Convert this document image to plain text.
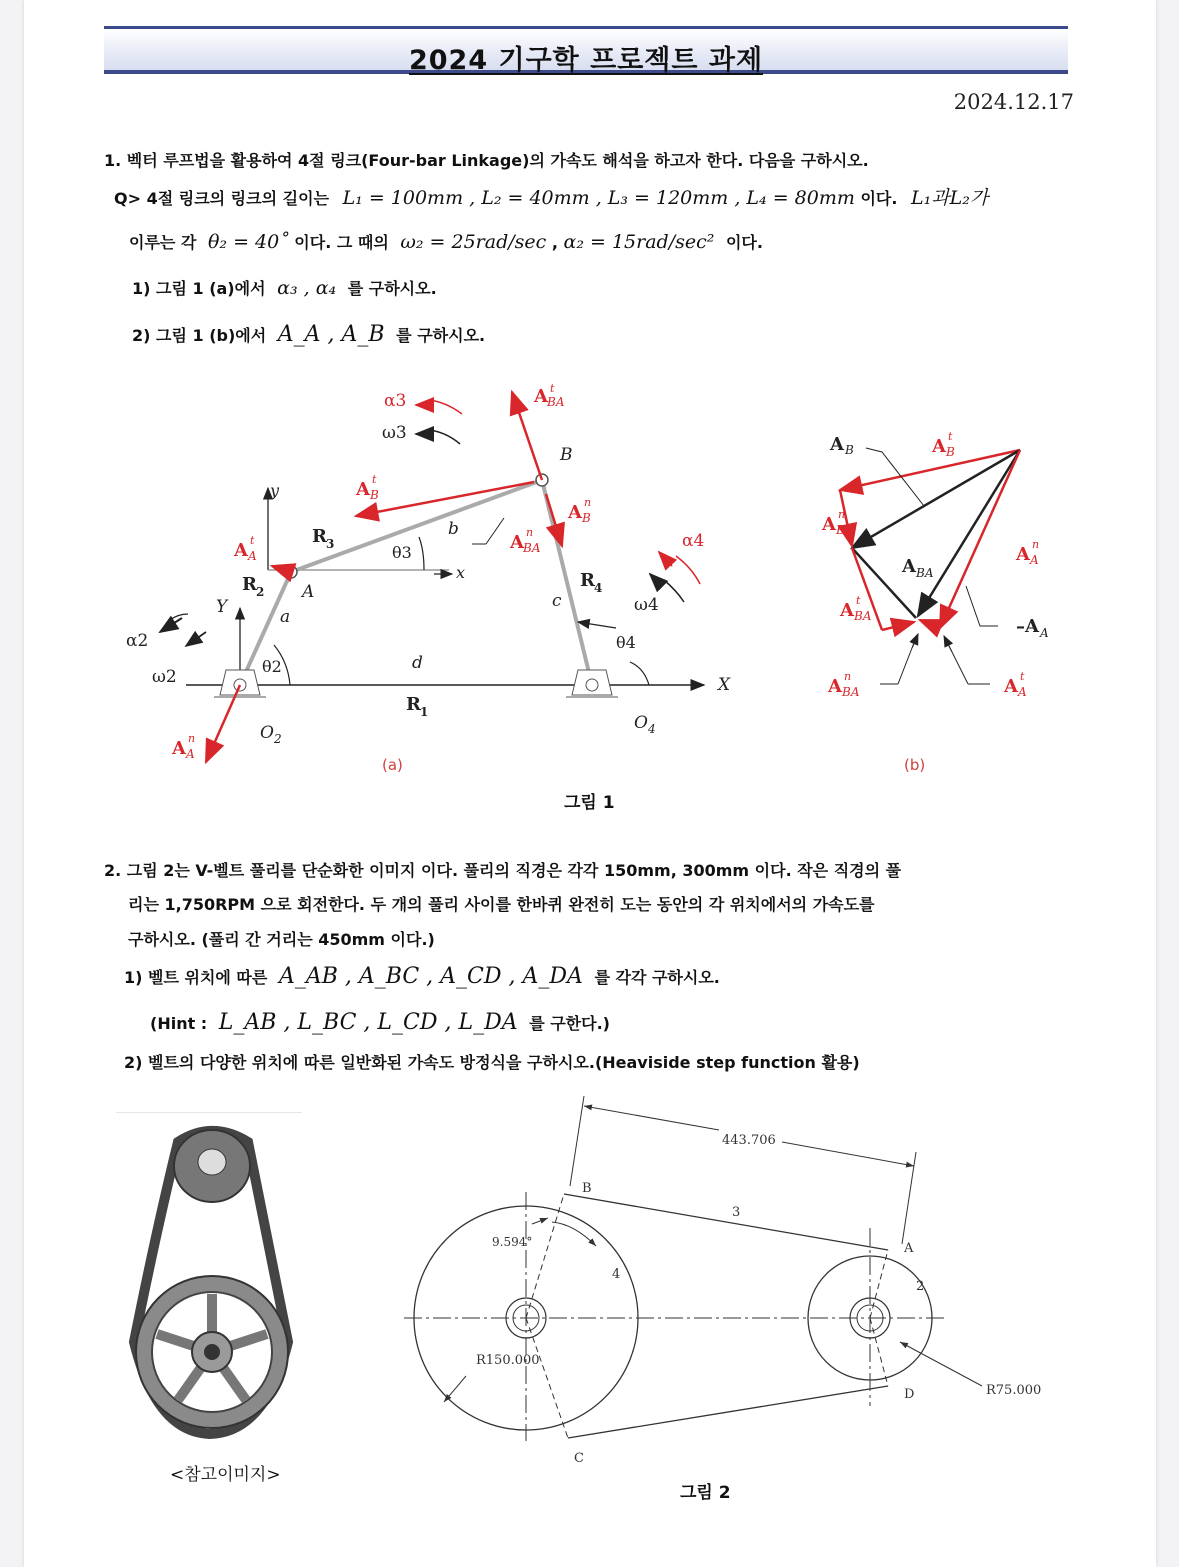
2024 기구학 프로젝트 과제
2024.12.17
1. 벡터 루프법을 활용하여 4절 링크(Four-bar Linkage)의 가속도 해석을 하고자 한다. 다음을 구하시오.
Q> 4절 링크의 링크의 길이는 L₁ = 100mm , L₂ = 40mm , L₃ = 120mm , L₄ = 80mm 이다. L₁과L₂가
이루는 각 θ₂ = 40˚ 이다. 그 때의 ω₂ = 25rad/sec , α₂ = 15rad/sec² 이다.
1) 그림 1 (a)에서 α₃ , α₄ 를 구하시오.
2) 그림 1 (b)에서 A_A , A_B 를 구하시오.
α3
ω3
A t
BA
B
A t
B
A n
B
A n
BA	α4
ω4
θ4
R 4
c
b
θ3
x
y
R 3
A t
A
R 2 A
Y	a
α2
θ2	d
ω2	X
R 1
O 2
O 4
A n
A
(a)
A B	A t
B
A n
B
A BA
A n
A
A t
BA	–A A
A n
BA	A t
A
(b)
그림 1
2. 그림 2는 V-벨트 풀리를 단순화한 이미지 이다. 풀리의 직경은 각각 150mm, 300mm 이다. 작은 직경의 풀
리는 1,750RPM 으로 회전한다. 두 개의 풀리 사이를 한바퀴 완전히 도는 동안의 각 위치에서의 가속도를
구하시오. (풀리 간 거리는 450mm 이다.)
1) 벨트 위치에 따른 A_AB , A_BC , A_CD , A_DA 를 각각 구하시오.
(Hint : L_AB , L_BC , L_CD , L_DA 를 구한다.)
2) 벨트의 다양한 위치에 따른 일반화된 가속도 방정식을 구하시오.(Heaviside step function 활용)
<참고이미지>
443.706
B
3
9.594°	A
4
2
R150.000
D	R75.000
C
그림 2
